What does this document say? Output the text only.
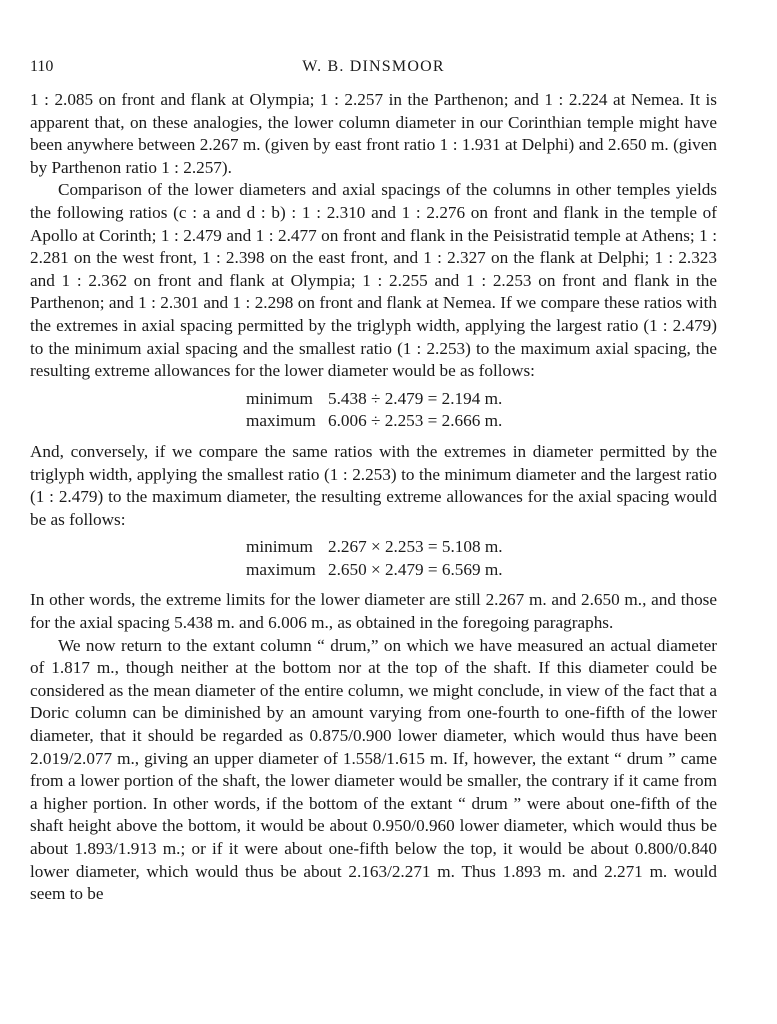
110	W. B. DINSMOOR

1 : 2.085 on front and flank at Olympia; 1 : 2.257 in the Parthenon; and 1 : 2.224 at Nemea. It is apparent that, on these analogies, the lower column diameter in our Corinthian temple might have been anywhere between 2.267 m. (given by east front ratio 1 : 1.931 at Delphi) and 2.650 m. (given by Parthenon ratio 1 : 2.257).

Comparison of the lower diameters and axial spacings of the columns in other temples yields the following ratios (c : a and d : b) : 1 : 2.310 and 1 : 2.276 on front and flank in the temple of Apollo at Corinth; 1 : 2.479 and 1 : 2.477 on front and flank in the Peisistratid temple at Athens; 1 : 2.281 on the west front, 1 : 2.398 on the east front, and 1 : 2.327 on the flank at Delphi; 1 : 2.323 and 1 : 2.362 on front and flank at Olympia; 1 : 2.255 and 1 : 2.253 on front and flank in the Parthenon; and 1 : 2.301 and 1 : 2.298 on front and flank at Nemea. If we compare these ratios with the extremes in axial spacing permitted by the triglyph width, applying the largest ratio (1 : 2.479) to the minimum axial spacing and the smallest ratio (1 : 2.253) to the maximum axial spacing, the resulting extreme allowances for the lower diameter would be as follows:

minimum 5.438 ÷ 2.479 = 2.194 m.
maximum 6.006 ÷ 2.253 = 2.666 m.

And, conversely, if we compare the same ratios with the extremes in diameter permitted by the triglyph width, applying the smallest ratio (1 : 2.253) to the minimum diameter and the largest ratio (1 : 2.479) to the maximum diameter, the resulting extreme allowances for the axial spacing would be as follows:

minimum 2.267 × 2.253 = 5.108 m.
maximum 2.650 × 2.479 = 6.569 m.

In other words, the extreme limits for the lower diameter are still 2.267 m. and 2.650 m., and those for the axial spacing 5.438 m. and 6.006 m., as obtained in the foregoing paragraphs.

We now return to the extant column “ drum,” on which we have measured an actual diameter of 1.817 m., though neither at the bottom nor at the top of the shaft. If this diameter could be considered as the mean diameter of the entire column, we might conclude, in view of the fact that a Doric column can be diminished by an amount varying from one-fourth to one-fifth of the lower diameter, that it should be regarded as 0.875/0.900 lower diameter, which would thus have been 2.019/2.077 m., giving an upper diameter of 1.558/1.615 m. If, however, the extant “ drum ” came from a lower portion of the shaft, the lower diameter would be smaller, the contrary if it came from a higher portion. In other words, if the bottom of the extant “ drum ” were about one-fifth of the shaft height above the bottom, it would be about 0.950/0.960 lower diameter, which would thus be about 1.893/1.913 m.; or if it were about one-fifth below the top, it would be about 0.800/0.840 lower diameter, which would thus be about 2.163/2.271 m. Thus 1.893 m. and 2.271 m. would seem to be
